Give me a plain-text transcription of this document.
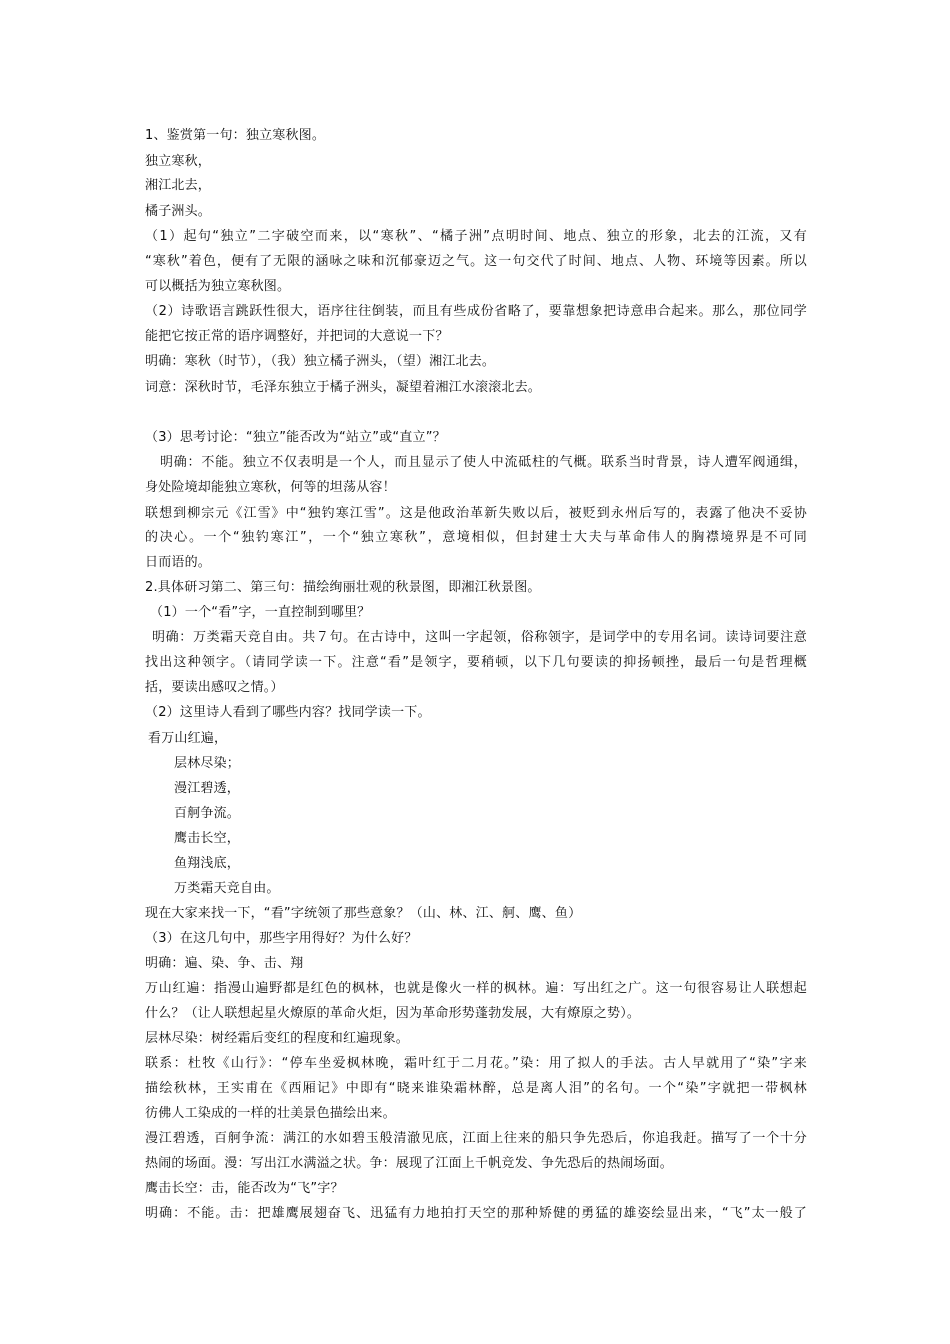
1、鉴赏第一句：独立寒秋图。
独立寒秋，
湘江北去，
橘子洲头。
（1）起句“独立”二字破空而来，以“寒秋”、“橘子洲”点明时间、地点、独立的形象，北去的江流，又有
“寒秋”着色，便有了无限的涵咏之味和沉郁豪迈之气。这一句交代了时间、地点、人物、环境等因素。所以
可以概括为独立寒秋图。
（2）诗歌语言跳跃性很大，语序往往倒装，而且有些成份省略了，要靠想象把诗意串合起来。那么，那位同学
能把它按正常的语序调整好，并把词的大意说一下？
明确：寒秋（时节），（我）独立橘子洲头，（望）湘江北去。
词意：深秋时节，毛泽东独立于橘子洲头，凝望着湘江水滚滚北去。
（3）思考讨论：“独立”能否改为“站立”或“直立”？
明确：不能。独立不仅表明是一个人，而且显示了使人中流砥柱的气概。联系当时背景，诗人遭军阀通缉，
身处险境却能独立寒秋，何等的坦荡从容！
联想到柳宗元《江雪》中“独钓寒江雪”。这是他政治革新失败以后，被贬到永州后写的，表露了他决不妥协
的决心。一个“独钓寒江”，一个“独立寒秋”，意境相似，但封建士大夫与革命伟人的胸襟境界是不可同
日而语的。
2.具体研习第二、第三句：描绘绚丽壮观的秋景图，即湘江秋景图。
（1）一个“看”字，一直控制到哪里？
明确：万类霜天竞自由。共７句。在古诗中，这叫一字起领，俗称领字，是词学中的专用名词。读诗词要注意
找出这种领字。（请同学读一下。注意“看”是领字，要稍顿，以下几句要读的抑扬顿挫，最后一句是哲理概
括，要读出感叹之情。）
（2）这里诗人看到了哪些内容？找同学读一下。
看万山红遍，
层林尽染；
漫江碧透，
百舸争流。
鹰击长空，
鱼翔浅底，
万类霜天竞自由。
现在大家来找一下，“看”字统领了那些意象？（山、林、江、舸、鹰、鱼）
（3）在这几句中，那些字用得好？为什么好？
明确：遍、染、争、击、翔
万山红遍：指漫山遍野都是红色的枫林，也就是像火一样的枫林。遍：写出红之广。这一句很容易让人联想起
什么？（让人联想起星火燎原的革命火炬，因为革命形势蓬勃发展，大有燎原之势）。
层林尽染：树经霜后变红的程度和红遍现象。
联系：杜牧《山行》：“停车坐爱枫林晚，霜叶红于二月花。”染：用了拟人的手法。古人早就用了“染”字来
描绘秋林，王实甫在《西厢记》中即有“晓来谁染霜林醉，总是离人泪”的名句。一个“染”字就把一带枫林
彷佛人工染成的一样的壮美景色描绘出来。
漫江碧透，百舸争流：满江的水如碧玉般清澈见底，江面上往来的船只争先恐后，你追我赶。描写了一个十分
热闹的场面。漫：写出江水满溢之状。争：展现了江面上千帆竞发、争先恐后的热闹场面。
鹰击长空：击，能否改为“飞”字？
明确：不能。击：把雄鹰展翅奋飞、迅猛有力地拍打天空的那种矫健的勇猛的雄姿绘显出来，“飞”太一般了
